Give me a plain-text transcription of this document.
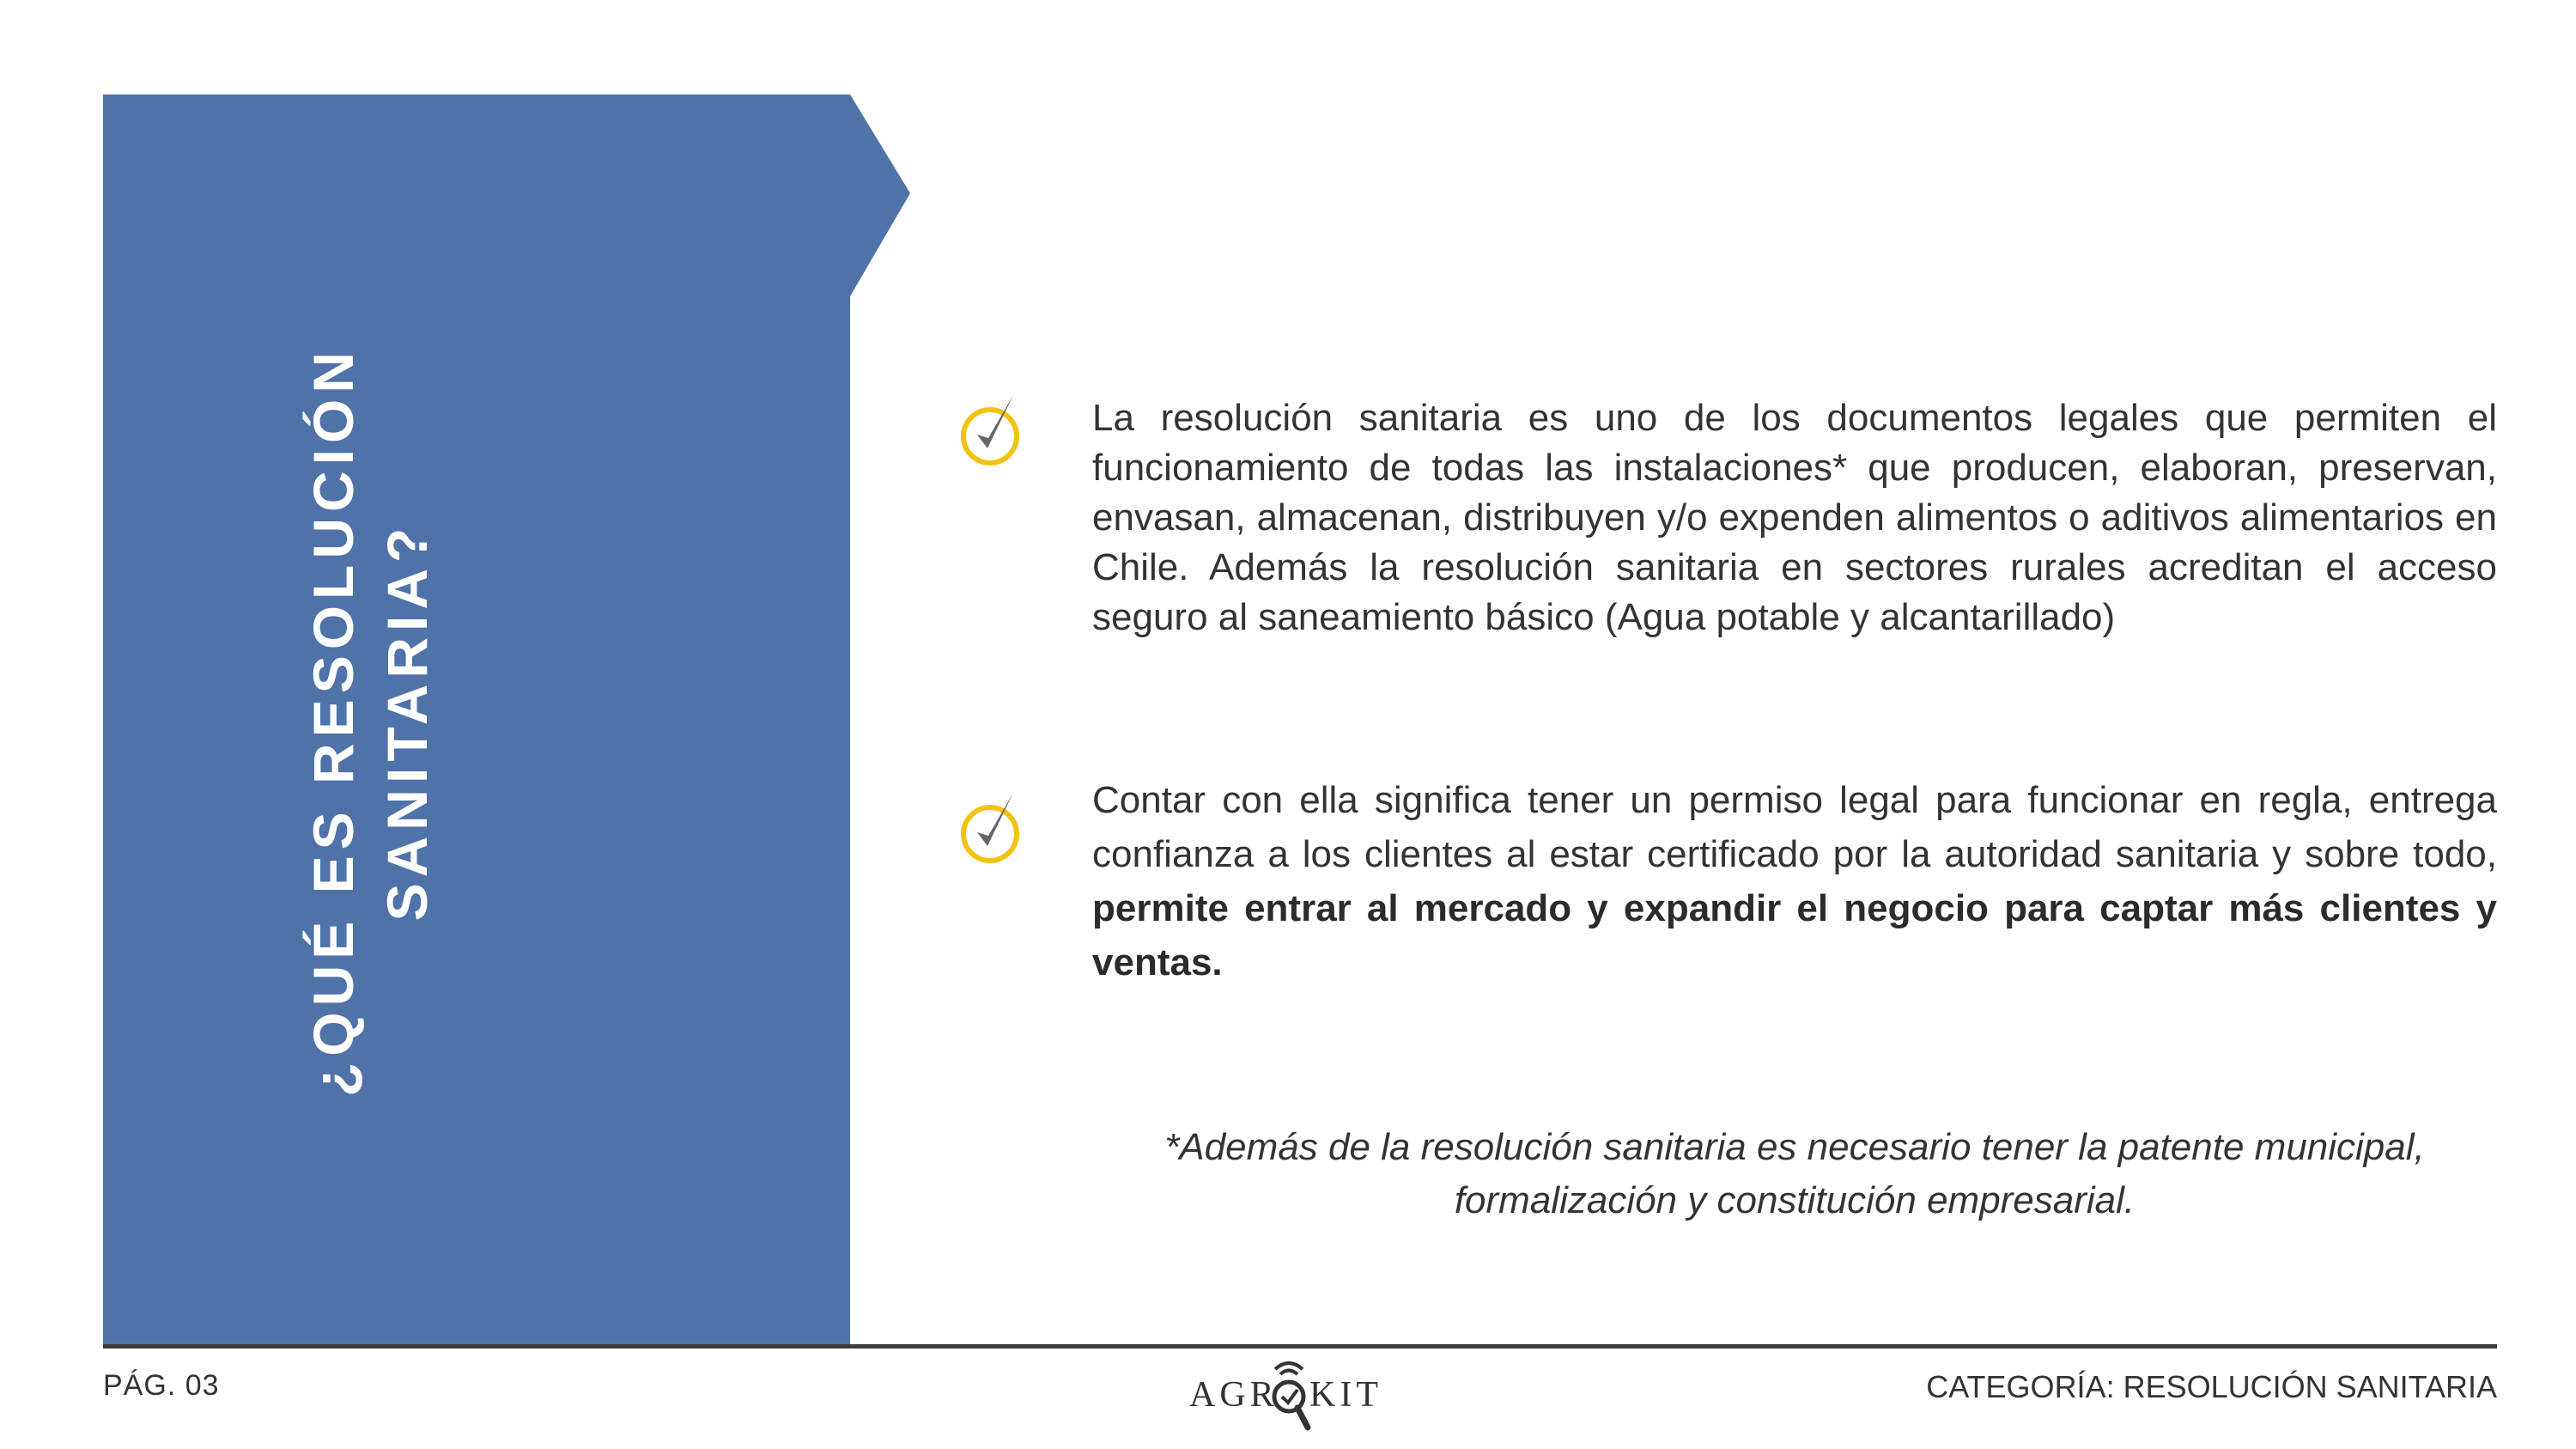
¿QUÉ ES RESOLUCIÓN SANITARIA?
La resolución sanitaria es uno de los documentos legales que permiten el funcionamiento de todas las instalaciones* que producen, elaboran, preservan, envasan, almacenan, distribuyen y/o expenden alimentos o aditivos alimentarios en Chile. Además la resolución sanitaria en sectores rurales acreditan el acceso seguro al saneamiento básico (Agua potable y alcantarillado)
Contar con ella significa tener un permiso legal para funcionar en regla, entrega confianza a los clientes al estar certificado por la autoridad sanitaria y sobre todo, permite entrar al mercado y expandir el negocio para captar más clientes y ventas.
*Además de la resolución sanitaria es necesario tener la patente municipal, formalización y constitución empresarial.
PÁG. 03	AGR KIT	CATEGORÍA: RESOLUCIÓN SANITARIA
